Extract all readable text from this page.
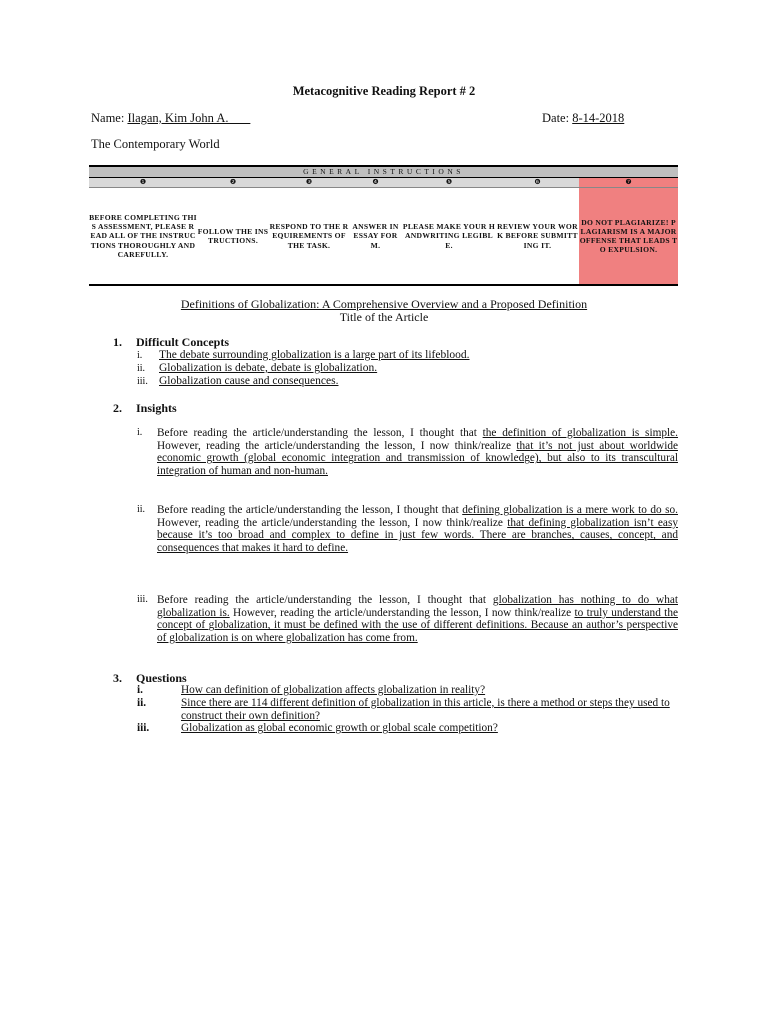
Metacognitive Reading Report # 2
Name: Ilagan, Kim John A.	Date: 8-14-2018
The Contemporary World
GENERAL INSTRUCTIONS						
❶	❷	❸	❹	❺	❻	❼
BEFORE COMPLETING THIS ASSESSMENT, PLEASE READ ALL OF THE INSTRUCTIONS THOROUGHLY AND CAREFULLY.	FOLLOW THE INSTRUCTIONS.	RESPOND TO THE REQUIREMENTS OF THE TASK.	ANSWER IN ESSAY FORM.	PLEASE MAKE YOUR HANDWRITING LEGIBLE.	REVIEW YOUR WORK BEFORE SUBMITTING IT.	DO NOT PLAGIARIZE! PLAGIARISM IS A MAJOR OFFENSE THAT LEADS TO EXPULSION.
Definitions of Globalization: A Comprehensive Overview and a Proposed Definition
Title of the Article
1. Difficult Concepts
i.	The debate surrounding globalization is a large part of its lifeblood.
ii.	Globalization is debate, debate is globalization.
iii. Globalization cause and consequences.
2. Insights
i.	Before reading the article/understanding the lesson, I thought that the definition of globalization is simple. However, reading the article/understanding the lesson, I now think/realize that it’s not just about worldwide economic growth (global economic integration and transmission of knowledge), but also to its transcultural integration of human and non-human.
ii.	Before reading the article/understanding the lesson, I thought that defining globalization is a mere work to do so. However, reading the article/understanding the lesson, I now think/realize that defining globalization isn’t easy because it’s too broad and complex to define in just few words. There are branches, causes, concept, and consequences that makes it hard to define.
iii. Before reading the article/understanding the lesson, I thought that globalization has nothing to do what globalization is. However, reading the article/understanding the lesson, I now think/realize to truly understand the concept of globalization, it must be defined with the use of different definitions. Because an author’s perspective of globalization is on where globalization has come from.
3. Questions
i.	How can definition of globalization affects globalization in reality?
ii.	Since there are 114 different definition of globalization in this article, is there a method or steps they used to construct their own definition?
iii.	Globalization as global economic growth or global scale competition?
